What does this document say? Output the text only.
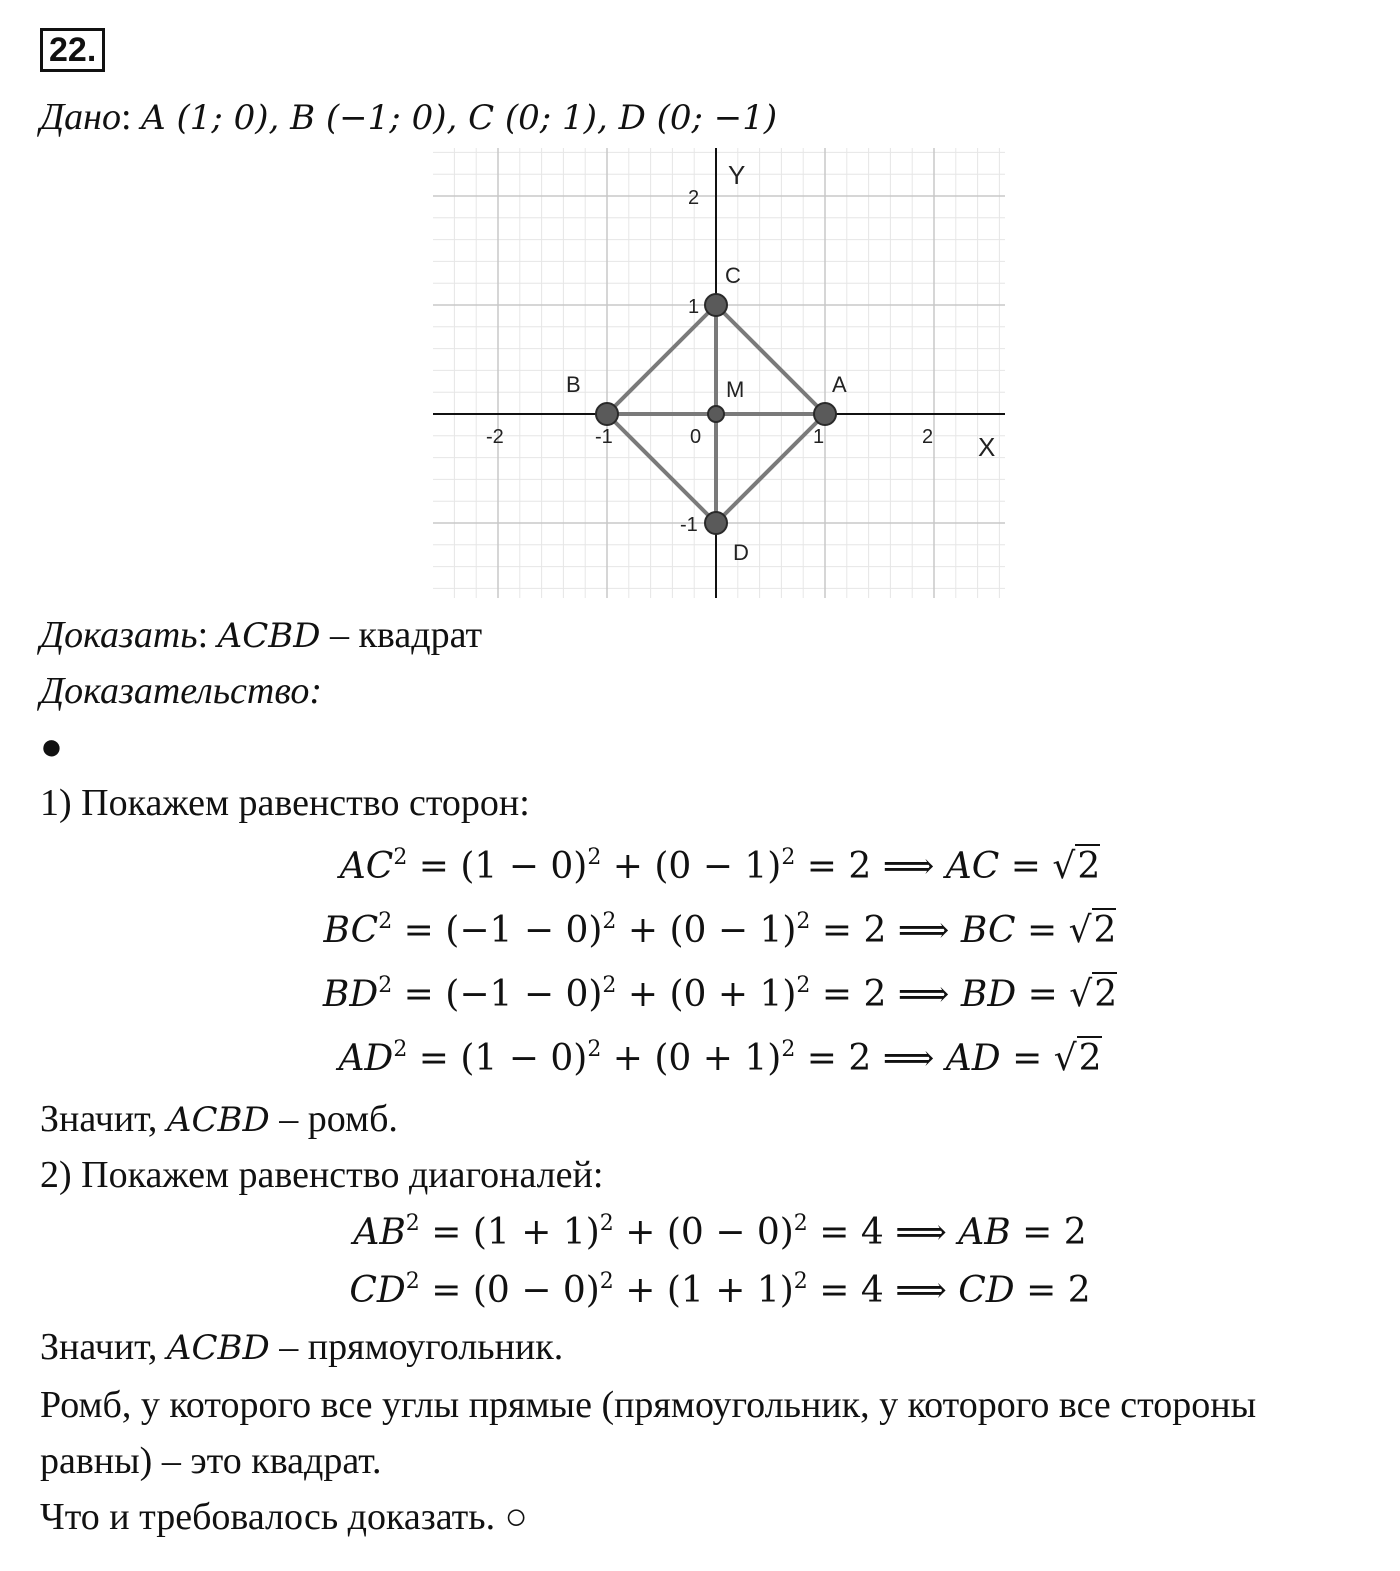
22.
Дано: A (1; 0), B (−1; 0), C (0; 1), D (0; −1)
X
Y
-2	-1	0	1	2
2
1
-1
A
B
C
D
M
Доказать: ACBD – квадрат
Доказательство:
●
1) Покажем равенство сторон:
$AC^2 = (1 - 0)^2 + (0 - 1)^2 = 2$ ⟹ AC = √2
$BC^2 = (-1 - 0)^2 + (0 - 1)^2 = 2$ ⟹ BC = √2
$BD^2 = (-1 - 0)^2 + (0 + 1)^2 = 2$ ⟹ BD = √2
$AD^2 = (1 - 0)^2 + (0 + 1)^2 = 2$ ⟹ AD = √2
Значит, ACBD – ромб.
2) Покажем равенство диагоналей:
$AB^2 = (1 + 1)^2 + (0 - 0)^2 = 4$ ⟹ AB = 2
$CD^2 = (0 - 0)^2 + (1 + 1)^2 = 4$ ⟹ CD = 2
Значит, ACBD – прямоугольник.
Ромб, у которого все углы прямые (прямоугольник, у которого все стороны
равны) – это квадрат.
Что и требовалось доказать. ○
